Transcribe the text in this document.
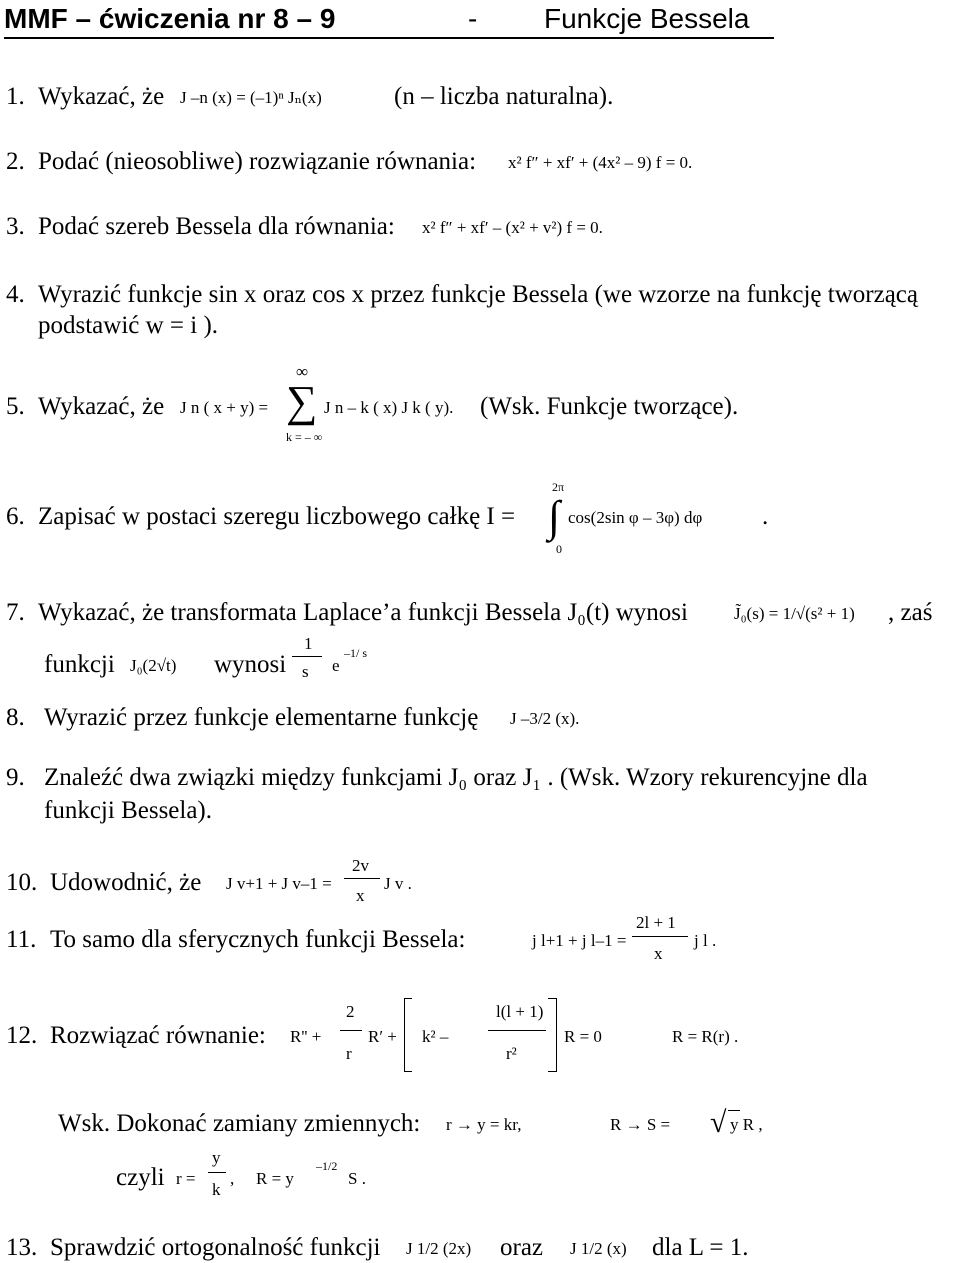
MMF – ćwiczenia nr 8 – 9	- Funkcje Bessela
1. Wykazać, że J –n (x) = (–1)ⁿ Jₙ(x)	(n – liczba naturalna).
2. Podać (nieosobliwe) rozwiązanie równania: x² f″ + xf′ + (4x² – 9) f = 0.
3. Podać szereb Bessela dla równania: x² f″ + xf′ – (x² + v²) f = 0.
4. Wyrazić funkcje sin x oraz cos x przez funkcje Bessela (we wzorze na funkcję tworzącą
podstawić w = i ).
5. Wykazać, że J n ( x + y) =
∞
∑
k = – ∞
J n – k ( x) J k ( y). (Wsk. Funkcje tworzące).
6. Zapisać w postaci szeregu liczbowego całkę I =
2π
∫
0
cos(2sin φ – 3φ) dφ .
7. Wykazać, że transformata Laplace’a funkcji Bessela J₀(t) wynosi	J̃₀(s) = 1/√(s² + 1) , zaś
funkcji J₀(2√t) wynosi
1
s e
–1/ s
8. Wyrazić przez funkcje elementarne funkcję J –3/2 (x).
9. Znaleźć dwa związki między funkcjami J₀ oraz J₁ . (Wsk. Wzory rekurencyjne dla
funkcji Bessela).
10. Udowodnić, że J v+1 + J v–1 =
2v
x
J v .
11. To samo dla sferycznych funkcji Bessela:	j l+1 + j l–1 =
2l + 1
x
j l .
12. Rozwiązać równanie: R'' +
2
r
R′ + k² –
l(l + 1)
r²
R = 0	R = R(r) .
Wsk. Dokonać zamiany zmiennych: r → y = kr,	R → S = √ y R ,
czyli r =
y
k
, R = y
–1/2
S .
13. Sprawdzić ortogonalność funkcji J 1/2 (2x) oraz J 1/2 (x) dla L = 1.
